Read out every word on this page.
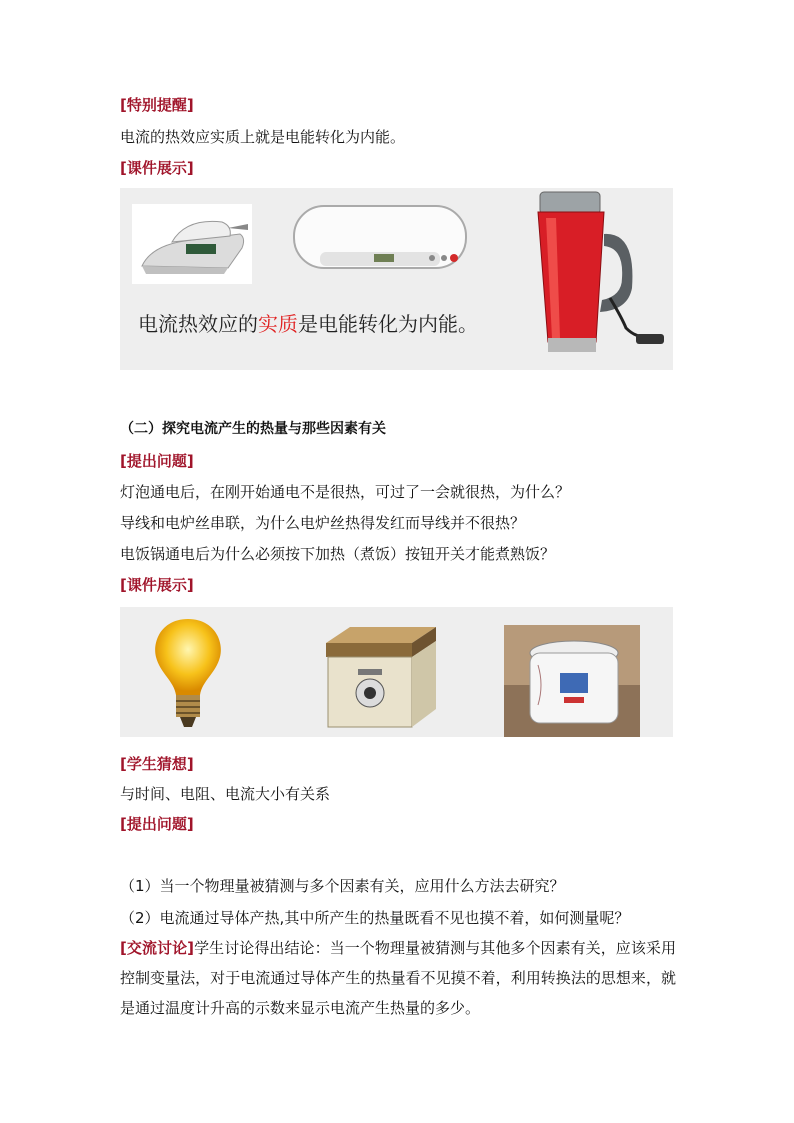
[特别提醒]
电流的热效应实质上就是电能转化为内能。
[课件展示]
电流热效应的实质是电能转化为内能。
（二）探究电流产生的热量与那些因素有关
[提出问题]
灯泡通电后，在刚开始通电不是很热，可过了一会就很热，为什么？
导线和电炉丝串联，为什么电炉丝热得发红而导线并不很热？
电饭锅通电后为什么必须按下加热（煮饭）按钮开关才能煮熟饭？
[课件展示]
[学生猜想]
与时间、电阻、电流大小有关系
[提出问题]
（1）当一个物理量被猜测与多个因素有关，应用什么方法去研究？
（2）电流通过导体产热,其中所产生的热量既看不见也摸不着，如何测量呢？
[交流讨论]学生讨论得出结论：当一个物理量被猜测与其他多个因素有关，应该采用控制变量法，对于电流通过导体产生的热量看不见摸不着，利用转换法的思想来，就是通过温度计升高的示数来显示电流产生热量的多少。
